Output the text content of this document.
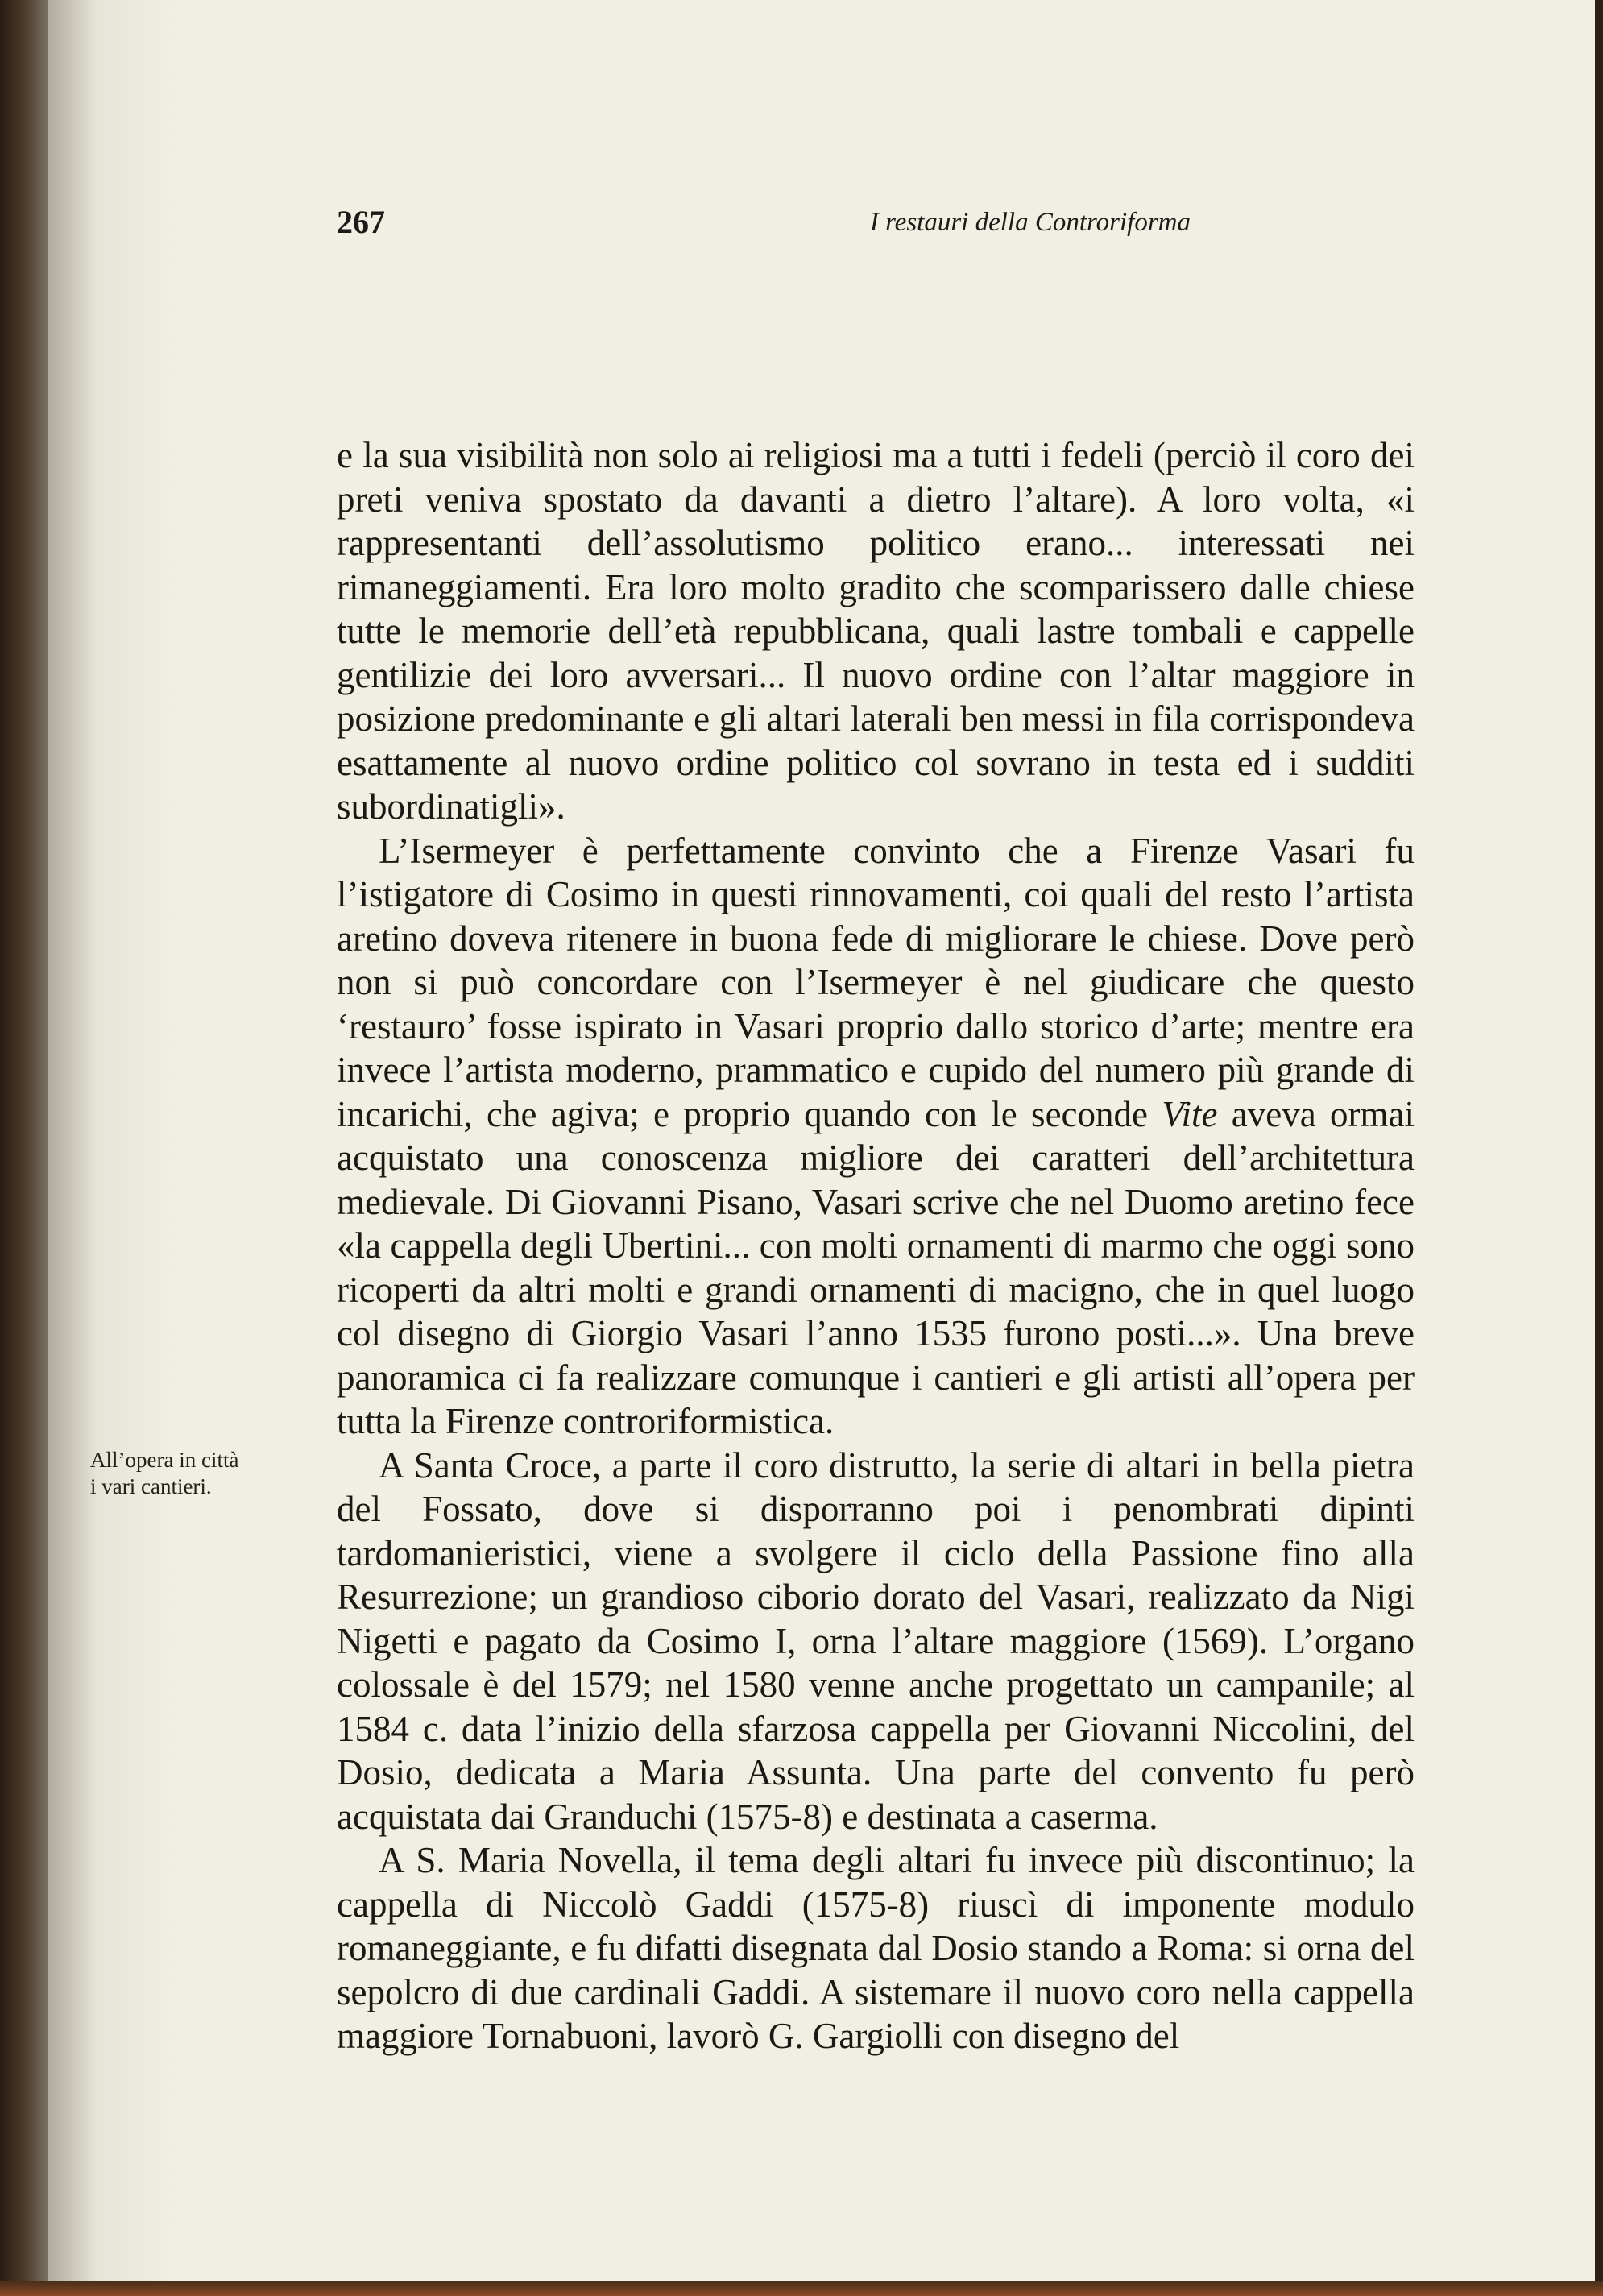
267	I restauri della Controriforma
All’opera in città
i vari cantieri.

e la sua visibilità non solo ai religiosi ma a tutti i fedeli (perciò il coro dei preti veniva spostato da davanti a dietro l’altare). A loro volta, «i rappresentanti dell’assolutismo politico erano... interessati nei rimaneggiamenti. Era loro molto gradito che scomparissero dalle chiese tutte le memorie dell’età repubblicana, quali lastre tombali e cappelle gentilizie dei loro avversari... Il nuovo ordine con l’altar maggiore in posizione predominante e gli altari laterali ben messi in fila corrispondeva esattamente al nuovo ordine politico col sovrano in testa ed i sudditi subordinatigli».

L’Isermeyer è perfettamente convinto che a Firenze Vasari fu l’istigatore di Cosimo in questi rinnovamenti, coi quali del resto l’artista aretino doveva ritenere in buona fede di migliorare le chiese. Dove però non si può concordare con l’Isermeyer è nel giudicare che questo ‘restauro’ fosse ispirato in Vasari proprio dallo storico d’arte; mentre era invece l’artista moderno, prammatico e cupido del numero più grande di incarichi, che agiva; e proprio quando con le seconde Vite aveva ormai acquistato una conoscenza migliore dei caratteri dell’architettura medievale. Di Giovanni Pisano, Vasari scrive che nel Duomo aretino fece «la cappella degli Ubertini... con molti ornamenti di marmo che oggi sono ricoperti da altri molti e grandi ornamenti di macigno, che in quel luogo col disegno di Giorgio Vasari l’anno 1535 furono posti...». Una breve panoramica ci fa realizzare comunque i cantieri e gli artisti all’opera per tutta la Firenze controriformistica.

A Santa Croce, a parte il coro distrutto, la serie di altari in bella pietra del Fossato, dove si disporranno poi i penombrati dipinti tardomanieristici, viene a svolgere il ciclo della Passione fino alla Resurrezione; un grandioso ciborio dorato del Vasari, realizzato da Nigi Nigetti e pagato da Cosimo I, orna l’altare maggiore (1569). L’organo colossale è del 1579; nel 1580 venne anche progettato un campanile; al 1584 c. data l’inizio della sfarzosa cappella per Giovanni Niccolini, del Dosio, dedicata a Maria Assunta. Una parte del convento fu però acquistata dai Granduchi (1575-8) e destinata a caserma.

A S. Maria Novella, il tema degli altari fu invece più discontinuo; la cappella di Niccolò Gaddi (1575-8) riuscì di imponente modulo romaneggiante, e fu difatti disegnata dal Dosio stando a Roma: si orna del sepolcro di due cardinali Gaddi. A sistemare il nuovo coro nella cappella maggiore Tornabuoni, lavorò G. Gargiolli con disegno del
